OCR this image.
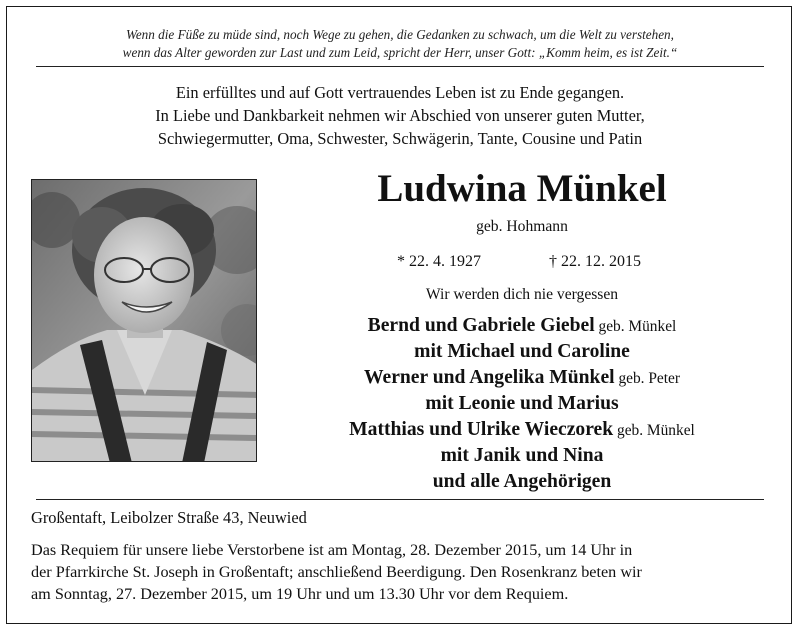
Wenn die Füße zu müde sind, noch Wege zu gehen, die Gedanken zu schwach, um die Welt zu verstehen,
wenn das Alter geworden zur Last und zum Leid, spricht der Herr, unser Gott: „Komm heim, es ist Zeit.“
Ein erfülltes und auf Gott vertrauendes Leben ist zu Ende gegangen.
In Liebe und Dankbarkeit nehmen wir Abschied von unserer guten Mutter,
Schwiegermutter, Oma, Schwester, Schwägerin, Tante, Cousine und Patin
Ludwina Münkel
geb. Hohmann
* 22. 4. 1927	† 22. 12. 2015
Wir werden dich nie vergessen
Bernd und Gabriele Giebel geb. Münkel
mit Michael und Caroline
Werner und Angelika Münkel geb. Peter
mit Leonie und Marius
Matthias und Ulrike Wieczorek geb. Münkel
mit Janik und Nina
und alle Angehörigen
Großentaft, Leibolzer Straße 43, Neuwied
Das Requiem für unsere liebe Verstorbene ist am Montag, 28. Dezember 2015, um 14 Uhr in
der Pfarrkirche St. Joseph in Großentaft; anschließend Beerdigung. Den Rosenkranz beten wir
am Sonntag, 27. Dezember 2015, um 19 Uhr und um 13.30 Uhr vor dem Requiem.
